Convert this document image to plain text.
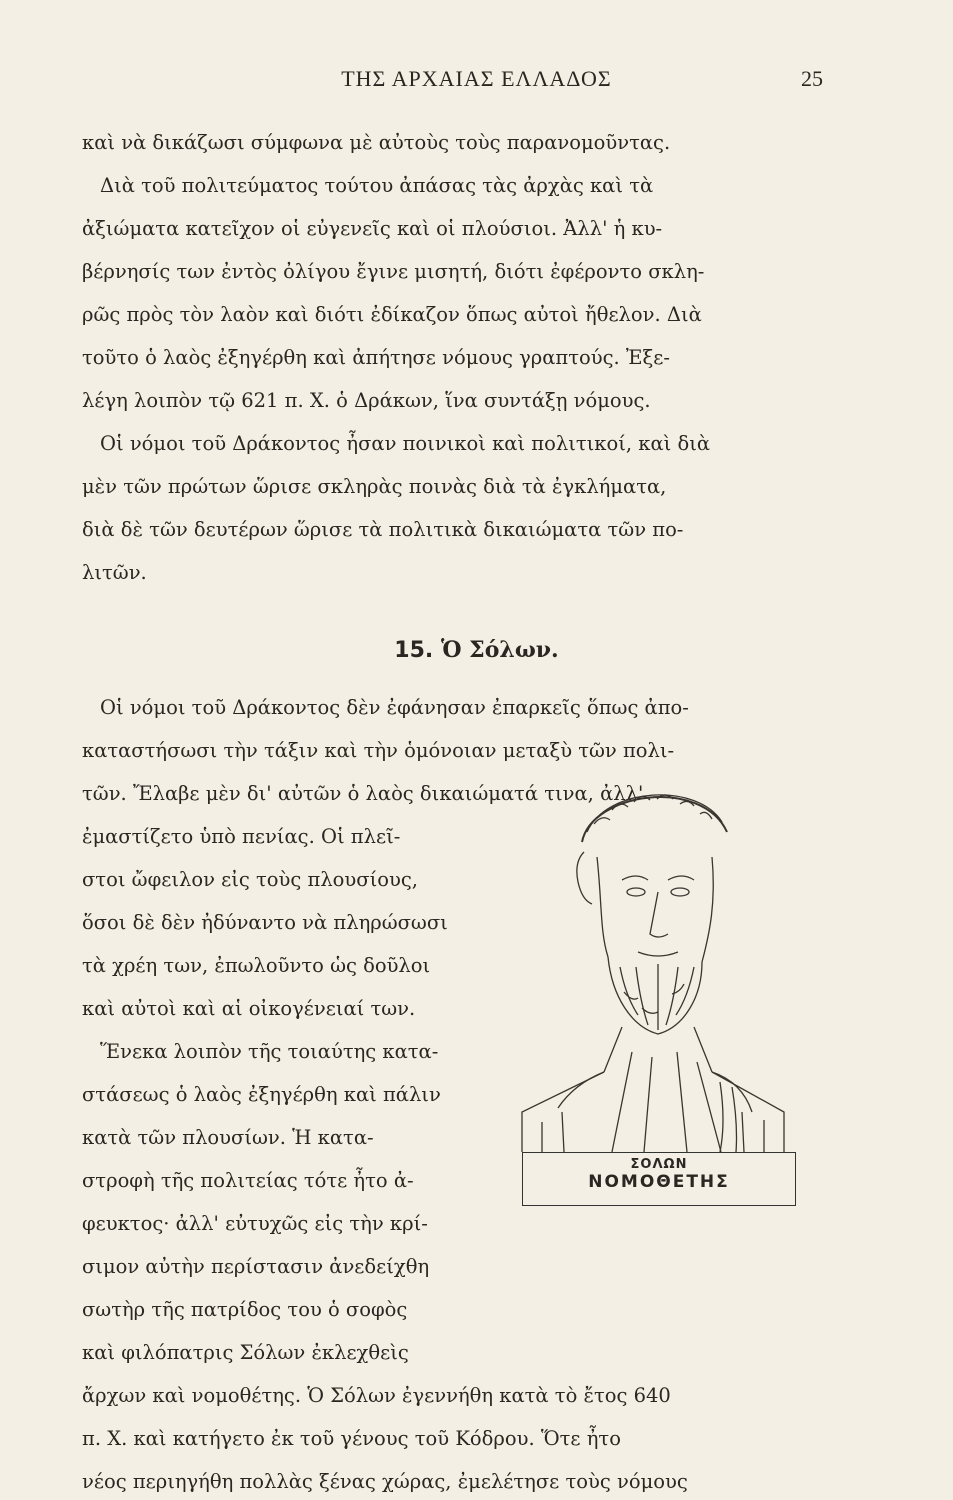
ΤΗΣ ΑΡΧΑΙΑΣ ΕΛΛΑΔΟΣ	25
καὶ νὰ δικάζωσι σύμφωνα μὲ αὐτοὺς τοὺς παρανομοῦντας.
Διὰ τοῦ πολιτεύματος τούτου ἀπάσας τὰς ἀρχὰς καὶ τὰ
ἀξιώματα κατεῖχον οἱ εὐγενεῖς καὶ οἱ πλούσιοι. Ἀλλ' ἡ κυ-
βέρνησίς των ἐντὸς ὀλίγου ἔγινε μισητή, διότι ἐφέροντο σκλη-
ρῶς πρὸς τὸν λαὸν καὶ διότι ἐδίκαζον ὅπως αὐτοὶ ἤθελον. Διὰ
τοῦτο ὁ λαὸς ἐξηγέρθη καὶ ἀπήτησε νόμους γραπτούς. Ἐξε-
λέγη λοιπὸν τῷ 621 π. Χ. ὁ Δράκων, ἵνα συντάξῃ νόμους.
Οἱ νόμοι τοῦ Δράκοντος ἦσαν ποινικοὶ καὶ πολιτικοί, καὶ διὰ
μὲν τῶν πρώτων ὥρισε σκληρὰς ποινὰς διὰ τὰ ἐγκλήματα,
διὰ δὲ τῶν δευτέρων ὥρισε τὰ πολιτικὰ δικαιώματα τῶν πο-
λιτῶν.
15. Ὁ Σόλων.
Οἱ νόμοι τοῦ Δράκοντος δὲν ἐφάνησαν ἐπαρκεῖς ὅπως ἀπο-
καταστήσωσι τὴν τάξιν καὶ τὴν ὁμόνοιαν μεταξὺ τῶν πολι-
τῶν. Ἔλαβε μὲν δι' αὐτῶν ὁ λαὸς δικαιώματά τινα, ἀλλ'
ἐμαστίζετο ὑπὸ πενίας. Οἱ πλεῖ-
στοι ὤφειλον εἰς τοὺς πλουσίους,
ὅσοι δὲ δὲν ἠδύναντο νὰ πληρώσωσι
τὰ χρέη των, ἐπωλοῦντο ὡς δοῦλοι
καὶ αὐτοὶ καὶ αἱ οἰκογένειαί των.
Ἕνεκα λοιπὸν τῆς τοιαύτης κατα-
στάσεως ὁ λαὸς ἐξηγέρθη καὶ πάλιν
κατὰ τῶν πλουσίων. Ἡ κατα-
στροφὴ τῆς πολιτείας τότε ἦτο ἀ-
φευκτος· ἀλλ' εὐτυχῶς εἰς τὴν κρί-
σιμον αὐτὴν περίστασιν ἀνεδείχθη
σωτὴρ τῆς πατρίδος του ὁ σοφὸς
καὶ φιλόπατρις Σόλων ἐκλεχθεὶς
ἄρχων καὶ νομοθέτης. Ὁ Σόλων ἐγεννήθη κατὰ τὸ ἔτος 640
π. Χ. καὶ κατήγετο ἐκ τοῦ γένους τοῦ Κόδρου. Ὅτε ἦτο
νέος περιηγήθη πολλὰς ξένας χώρας, ἐμελέτησε τοὺς νόμους
ΣΟΛΩΝ
ΝΟΜΟΘΕΤΗΣ
